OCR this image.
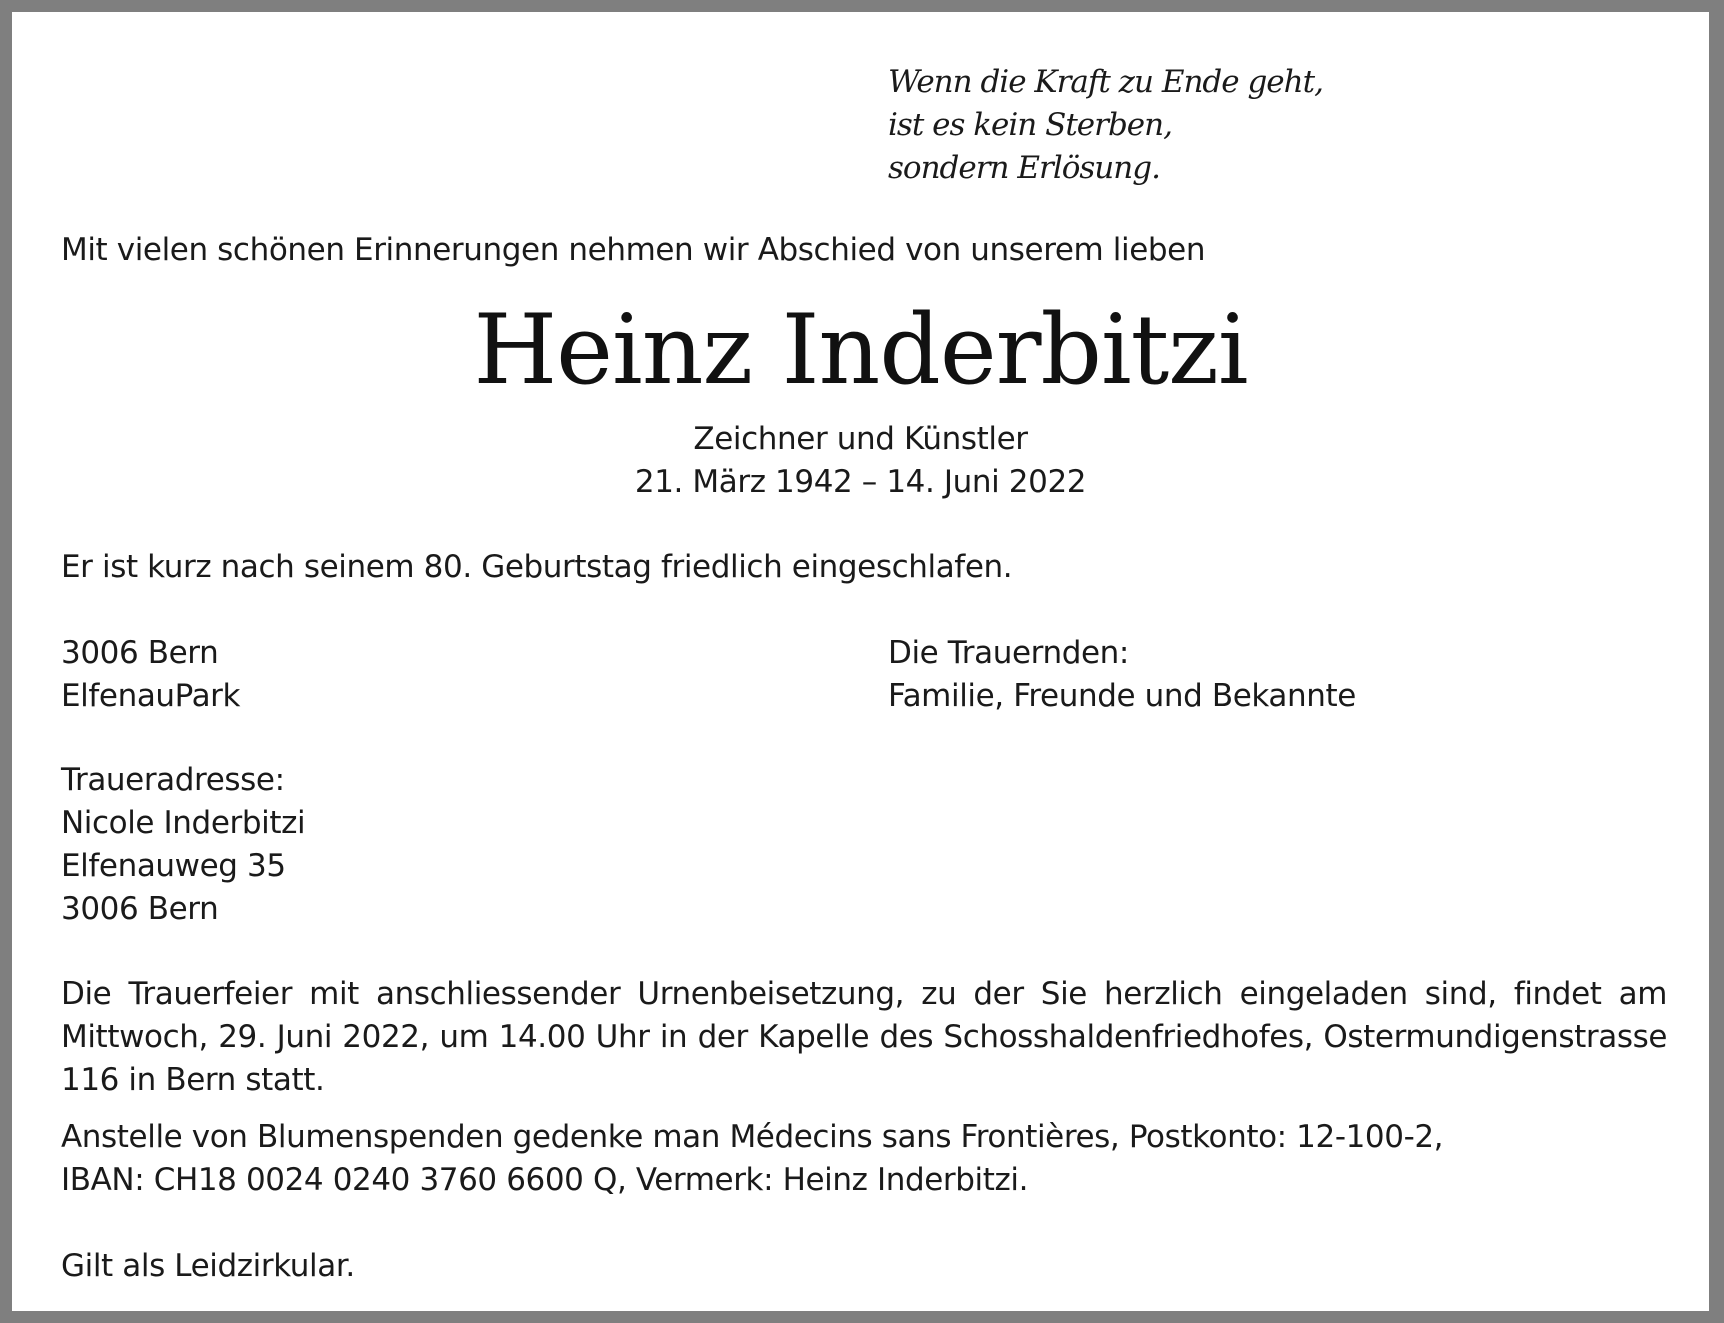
Wenn die Kraft zu Ende geht,
ist es kein Sterben,
sondern Erlösung.
Mit vielen schönen Erinnerungen nehmen wir Abschied von unserem lieben
Heinz Inderbitzi
Zeichner und Künstler
21. März 1942 – 14. Juni 2022
Er ist kurz nach seinem 80. Geburtstag friedlich eingeschlafen.
3006 Bern
ElfenauPark
Die Trauernden:
Familie, Freunde und Bekannte
Traueradresse:
Nicole Inderbitzi
Elfenauweg 35
3006 Bern
Die Trauerfeier mit anschliessender Urnenbeisetzung, zu der Sie herzlich eingeladen sind, findet am Mittwoch, 29. Juni 2022, um 14.00 Uhr in der Kapelle des Schosshaldenfriedhofes, Ostermundigenstrasse 116 in Bern statt.
Anstelle von Blumenspenden gedenke man Médecins sans Frontières, Postkonto: 12-100-2,
IBAN: CH18 0024 0240 3760 6600 Q, Vermerk: Heinz Inderbitzi.
Gilt als Leidzirkular.
